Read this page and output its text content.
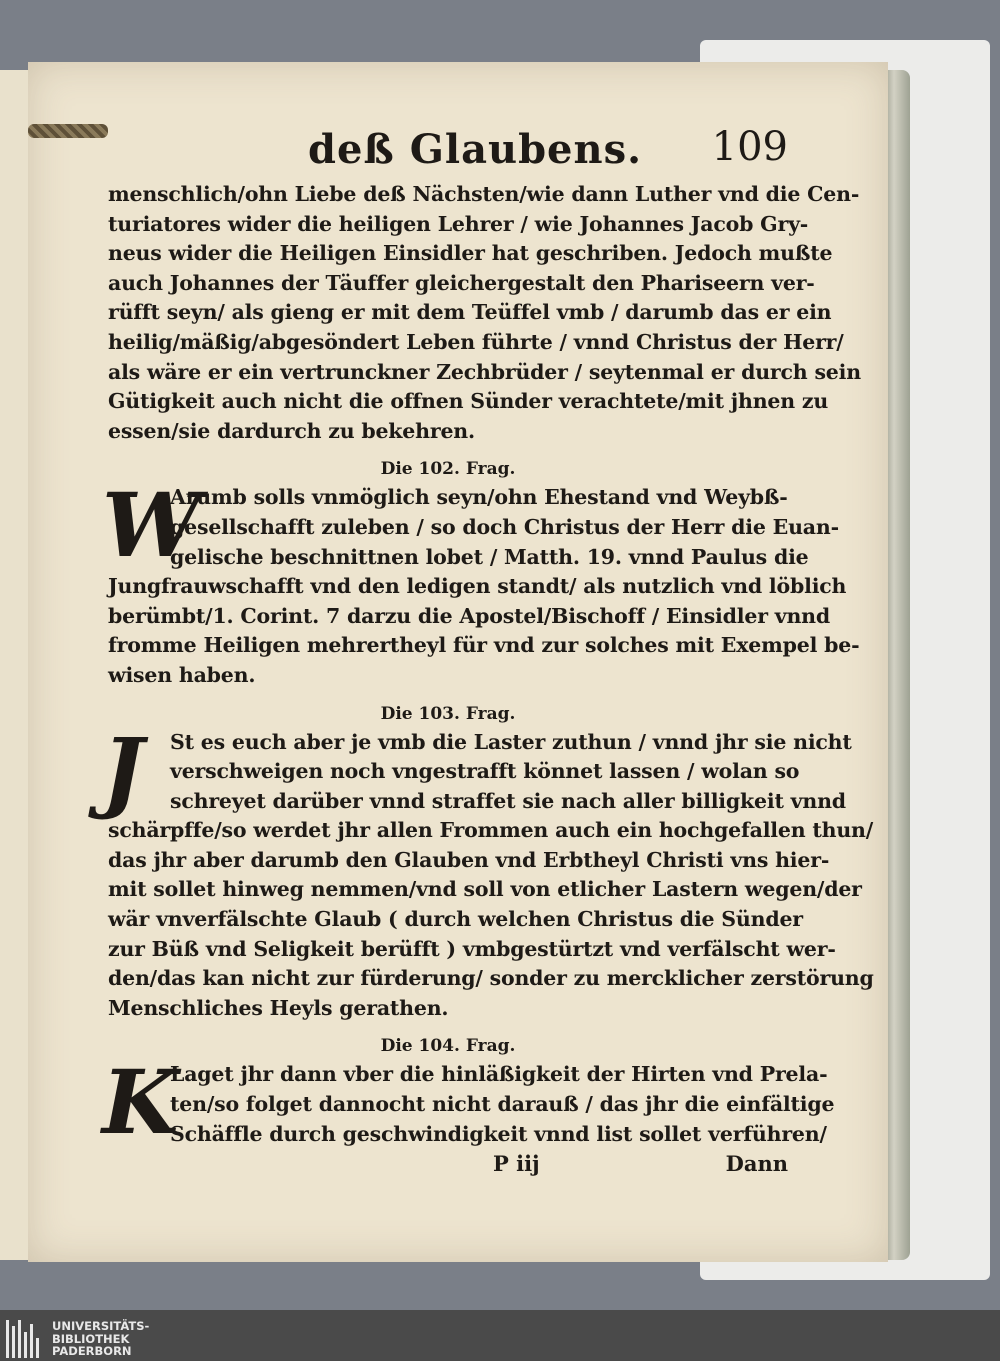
deß Glaubens. 109
menschlich/ohn Liebe deß Nächsten/wie dann Luther vnd die Cen-
turiatores wider die heiligen Lehrer / wie Johannes Jacob Gry-
neus wider die Heiligen Einsidler hat geschriben. Jedoch mußte
auch Johannes der Täuffer gleichergestalt den Phariseern ver-
rüfft seyn/ als gieng er mit dem Teüffel vmb / darumb das er ein
heilig/mäßig/abgesöndert Leben führte / vnnd Christus der Herr/
als wäre er ein vertrunckner Zechbrüder / seytenmal er durch sein
Gütigkeit auch nicht die offnen Sünder verachtete/mit jhnen zu
essen/sie dardurch zu bekehren.
Die 102. Frag.
W
Arumb solls vnmöglich seyn/ohn Ehestand vnd Weybß-
gesellschafft zuleben / so doch Christus der Herr die Euan-
gelische beschnittnen lobet / Matth. 19. vnnd Paulus die
Jungfrauwschafft vnd den ledigen standt/ als nutzlich vnd löblich
berümbt/1. Corint. 7 darzu die Apostel/Bischoff / Einsidler vnnd
fromme Heiligen mehrertheyl für vnd zur solches mit Exempel be-
wisen haben.
Die 103. Frag.
J	St es euch aber je vmb die Laster zuthun / vnnd jhr sie nicht
verschweigen noch vngestrafft könnet lassen / wolan so
schreyet darüber vnnd straffet sie nach aller billigkeit vnnd
schärpffe/so werdet jhr allen Frommen auch ein hochgefallen thun/
das jhr aber darumb den Glauben vnd Erbtheyl Christi vns hier-
mit sollet hinweg nemmen/vnd soll von etlicher Lastern wegen/der
wär vnverfälschte Glaub ( durch welchen Christus die Sünder
zur Büß vnd Seligkeit berüfft ) vmbgestürtzt vnd verfälscht wer-
den/das kan nicht zur fürderung/ sonder zu mercklicher zerstörung
Menschliches Heyls gerathen.
Die 104. Frag.
K
Laget jhr dann vber die hinläßigkeit der Hirten vnd Prela-
ten/so folget dannocht nicht darauß / das jhr die einfältige
Schäffle durch geschwindigkeit vnnd list sollet verführen/
P iij	Dann
UNIVERSITÄTS-
BIBLIOTHEK
PADERBORN
